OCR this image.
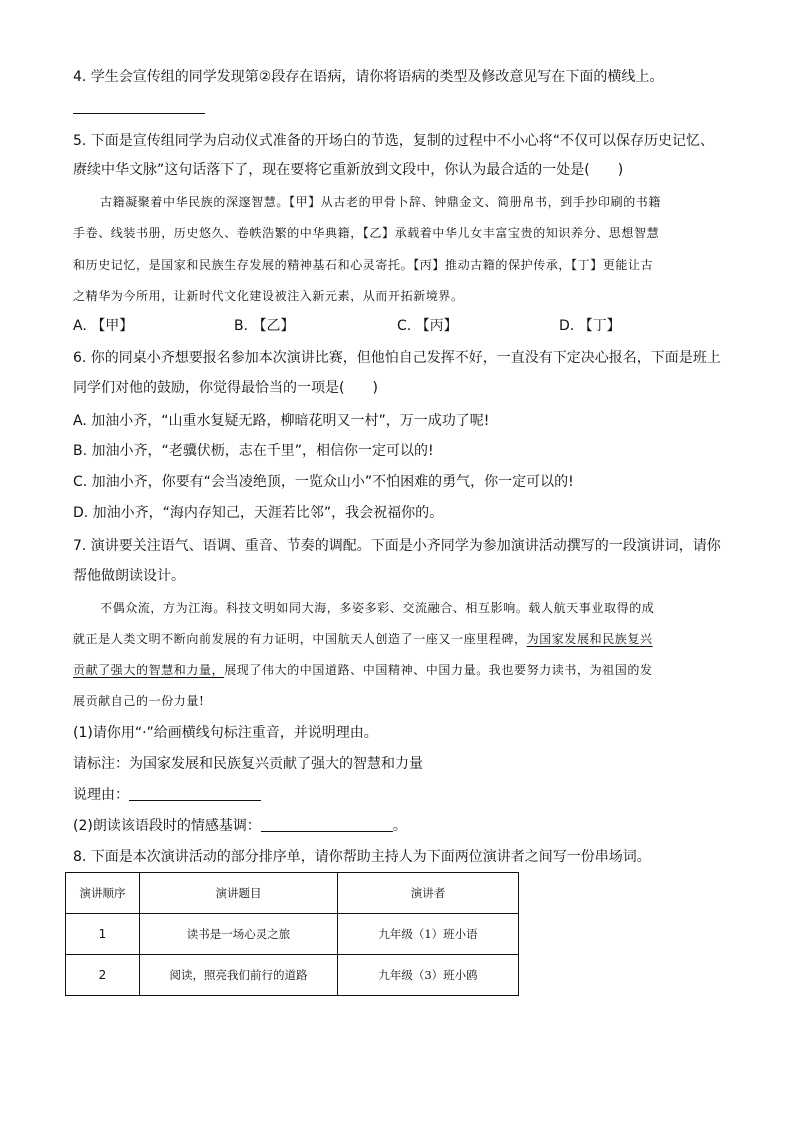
4. 学生会宣传组的同学发现第②段存在语病，请你将语病的类型及修改意见写在下面的横线上。
5. 下面是宣传组同学为启动仪式准备的开场白的节选，复制的过程中不小心将“不仅可以保存历史记忆、
赓续中华文脉”这句话落下了，现在要将它重新放到文段中，你认为最合适的一处是(　　)
古籍凝聚着中华民族的深邃智慧。【甲】从古老的甲骨卜辞、钟鼎金文、简册帛书，到手抄印刷的书籍
手卷、线装书册，历史悠久、卷帙浩繁的中华典籍，【乙】承载着中华儿女丰富宝贵的知识养分、思想智慧
和历史记忆，是国家和民族生存发展的精神基石和心灵寄托。【丙】推动古籍的保护传承，【丁】更能让古
之精华为今所用，让新时代文化建设被注入新元素，从而开拓新境界。
A. 【甲】	B. 【乙】	C. 【丙】	D. 【丁】
6. 你的同桌小齐想要报名参加本次演讲比赛，但他怕自己发挥不好，一直没有下定决心报名，下面是班上
同学们对他的鼓励，你觉得最恰当的一项是(　　)
A. 加油小齐，“山重水复疑无路，柳暗花明又一村”，万一成功了呢!
B. 加油小齐，“老骥伏枥，志在千里”，相信你一定可以的!
C. 加油小齐，你要有“会当凌绝顶，一览众山小”不怕困难的勇气，你一定可以的!
D. 加油小齐，“海内存知己，天涯若比邻”，我会祝福你的。
7. 演讲要关注语气、语调、重音、节奏的调配。下面是小齐同学为参加演讲活动撰写的一段演讲词，请你
帮他做朗读设计。
不偶众流，方为江海。科技文明如同大海，多姿多彩、交流融合、相互影响。载人航天事业取得的成
就正是人类文明不断向前发展的有力证明，中国航天人创造了一座又一座里程碑，为国家发展和民族复兴
贡献了强大的智慧和力量，展现了伟大的中国道路、中国精神、中国力量。我也要努力读书，为祖国的发
展贡献自己的一份力量!
(1)请你用“·”给画横线句标注重音，并说明理由。
请标注：为国家发展和民族复兴贡献了强大的智慧和力量
说理由：
(2)朗读该语段时的情感基调：	。
8. 下面是本次演讲活动的部分排序单，请你帮助主持人为下面两位演讲者之间写一份串场词。
演讲顺序	演讲题目	演讲者
1	读书是一场心灵之旅	九年级（1）班小语
2	阅读，照亮我们前行的道路	九年级（3）班小鸥
